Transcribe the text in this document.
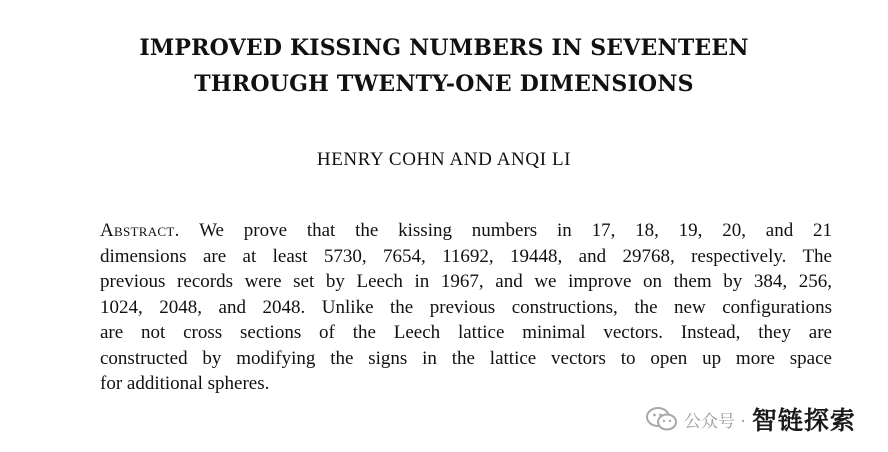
IMPROVED KISSING NUMBERS IN SEVENTEEN
THROUGH TWENTY-ONE DIMENSIONS

HENRY COHN AND ANQI LI

Abstract. We prove that the kissing numbers in 17, 18, 19, 20, and 21
dimensions are at least 5730, 7654, 11692, 19448, and 29768, respectively. The
previous records were set by Leech in 1967, and we improve on them by 384, 256,
1024, 2048, and 2048. Unlike the previous constructions, the new configurations
are not cross sections of the Leech lattice minimal vectors. Instead, they are
constructed by modifying the signs in the lattice vectors to open up more space
for additional spheres.
公众号 · 智链探索
